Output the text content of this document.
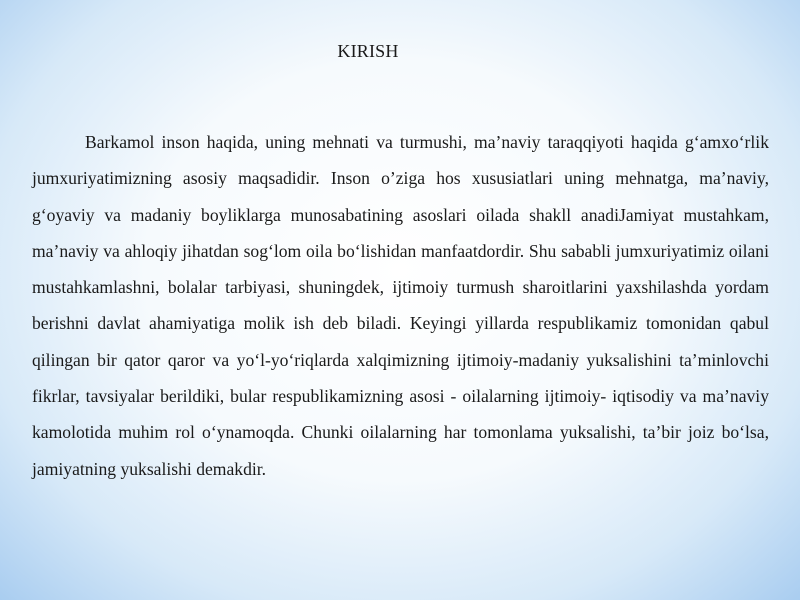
KIRISH

Barkamol inson haqida, uning mehnati va turmushi, ma’naviy taraqqiyoti haqida g‘amxo‘rlik jumxuriyatimizning asosiy maqsadidir. Inson o’ziga hos xususiatlari uning mehnatga, ma’naviy, g‘oyaviy va madaniy boyliklarga munosabatining asoslari oilada shakll anadiJamiyat mustahkam, ma’naviy va ahloqiy jihatdan sog‘lom oila bo‘lishidan manfaatdordir. Shu sababli jumxuriyatimiz oilani mustahkamlashni, bolalar tarbiyasi, shuningdek, ijtimoiy turmush sharoitlarini yaxshilashda yordam berishni davlat ahamiyatiga molik ish deb biladi. Keyingi yillarda respublikamiz tomonidan qabul qilingan bir qator qaror va yo‘l-yo‘riqlarda xalqimizning ijtimoiy-madaniy yuksalishini ta’minlovchi fikrlar, tavsiyalar berildiki, bular respublikamizning asosi - oilalarning ijtimoiy- iqtisodiy va ma’naviy kamolotida muhim rol o‘ynamoqda. Chunki oilalarning har tomonlama yuksalishi, ta’bir joiz bo‘lsa, jamiyatning yuksalishi demakdir.
